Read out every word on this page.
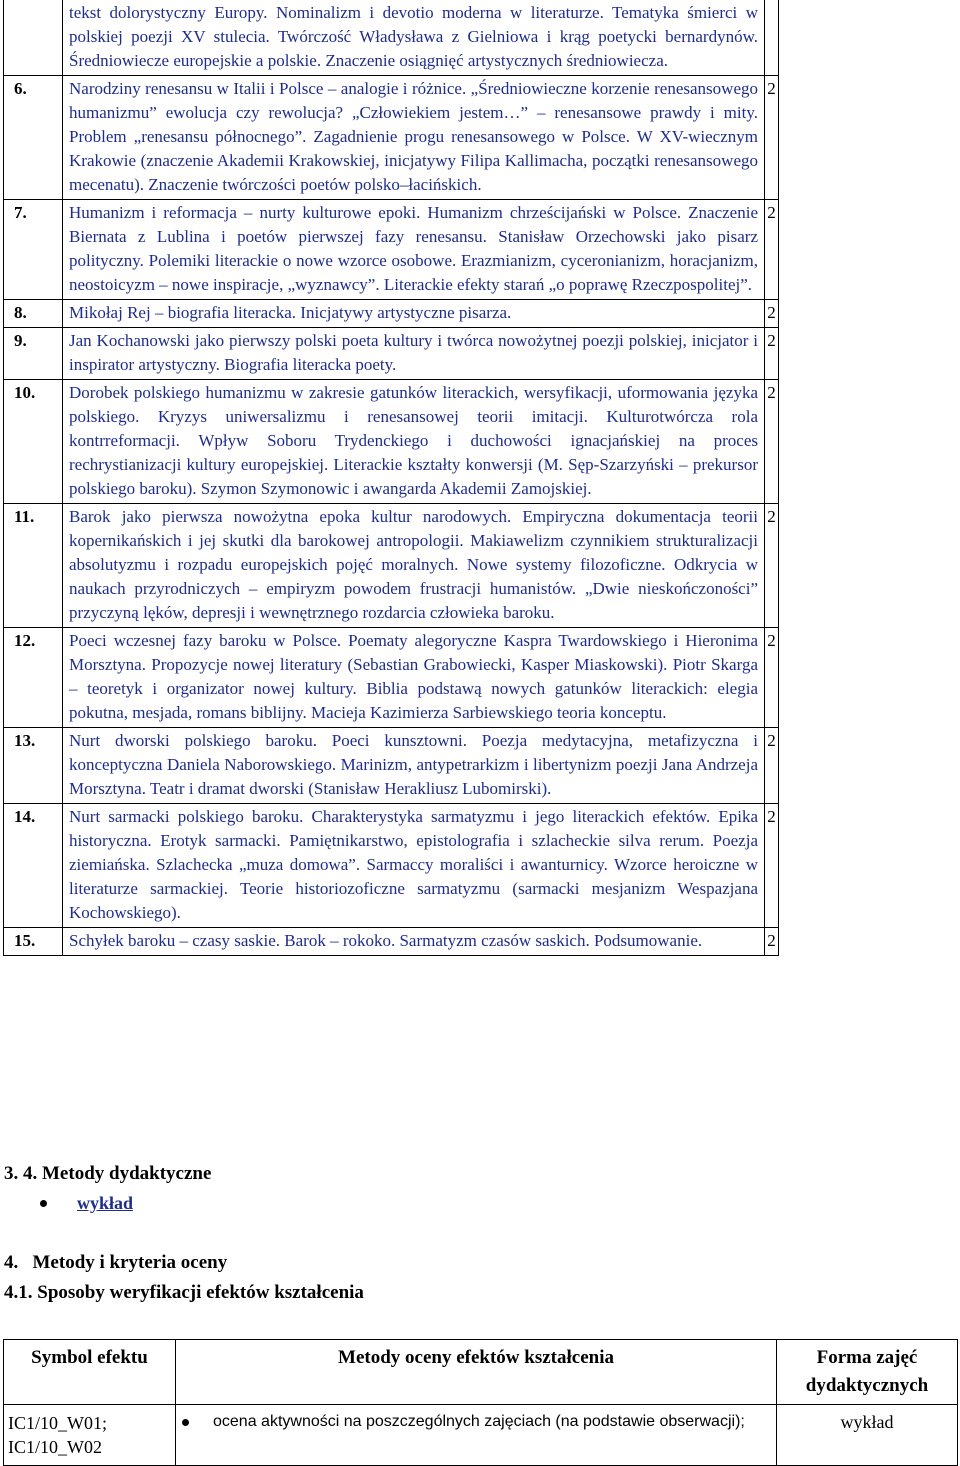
	tekst dolorystyczny Europy. Nominalizm i devotio moderna w literaturze. Tematyka śmierci w polskiej poezji XV stulecia. Twórczość Władysława z Gielniowa i krąg poetycki bernardynów. Średniowiecze europejskie a polskie. Znaczenie osiągnięć artystycznych średniowiecza.	
6.	Narodziny renesansu w Italii i Polsce – analogie i różnice. „Średniowieczne korzenie renesansowego humanizmu” ewolucja czy rewolucja? „Człowiekiem jestem…” – renesansowe prawdy i mity. Problem „renesansu północnego”. Zagadnienie progu renesansowego w Polsce. W XV-wiecznym Krakowie (znaczenie Akademii Krakowskiej, inicjatywy Filipa Kallimacha, początki renesansowego mecenatu). Znaczenie twórczości poetów polsko–łacińskich.	2
7.	Humanizm i reformacja – nurty kulturowe epoki. Humanizm chrześcijański w Polsce. Znaczenie Biernata z Lublina i poetów pierwszej fazy renesansu. Stanisław Orzechowski jako pisarz polityczny. Polemiki literackie o nowe wzorce osobowe. Erazmianizm, cyceronianizm, horacjanizm, neostoicyzm – nowe inspiracje, „wyznawcy”. Literackie efekty starań „o poprawę Rzeczpospolitej”.	2
8.	Mikołaj Rej – biografia literacka. Inicjatywy artystyczne pisarza.	2
9.	Jan Kochanowski jako pierwszy polski poeta kultury i twórca nowożytnej poezji polskiej, inicjator i inspirator artystyczny. Biografia literacka poety.	2
10.	Dorobek polskiego humanizmu w zakresie gatunków literackich, wersyfikacji, uformowania języka polskiego. Kryzys uniwersalizmu i renesansowej teorii imitacji. Kulturotwórcza rola kontrreformacji. Wpływ Soboru Trydenckiego i duchowości ignacjańskiej na proces rechrystianizacji kultury europejskiej. Literackie kształty konwersji (M. Sęp-Szarzyński – prekursor polskiego baroku). Szymon Szymonowic i awangarda Akademii Zamojskiej.	2
11.	Barok jako pierwsza nowożytna epoka kultur narodowych. Empiryczna dokumentacja teorii kopernikańskich i jej skutki dla barokowej antropologii. Makiawelizm czynnikiem strukturalizacji absolutyzmu i rozpadu europejskich pojęć moralnych. Nowe systemy filozoficzne. Odkrycia w naukach przyrodniczych – empiryzm powodem frustracji humanistów. „Dwie nieskończoności” przyczyną lęków, depresji i wewnętrznego rozdarcia człowieka baroku.	2
12.	Poeci wczesnej fazy baroku w Polsce. Poematy alegoryczne Kaspra Twardowskiego i Hieronima Morsztyna. Propozycje nowej literatury (Sebastian Grabowiecki, Kasper Miaskowski). Piotr Skarga – teoretyk i organizator nowej kultury. Biblia podstawą nowych gatunków literackich: elegia pokutna, mesjada, romans biblijny. Macieja Kazimierza Sarbiewskiego teoria konceptu.	2
13.	Nurt dworski polskiego baroku. Poeci kunsztowni. Poezja medytacyjna, metafizyczna i konceptyczna Daniela Naborowskiego. Marinizm, antypetrarkizm i libertynizm poezji Jana Andrzeja Morsztyna. Teatr i dramat dworski (Stanisław Herakliusz Lubomirski).	2
14.	Nurt sarmacki polskiego baroku. Charakterystyka sarmatyzmu i jego literackich efektów. Epika historyczna. Erotyk sarmacki. Pamiętnikarstwo, epistolografia i szlacheckie silva rerum. Poezja ziemiańska. Szlachecka „muza domowa”. Sarmaccy moraliści i awanturnicy. Wzorce heroiczne w literaturze sarmackiej. Teorie historiozoficzne sarmatyzmu (sarmacki mesjanizm Wespazjana Kochowskiego).	2
15.	Schyłek baroku – czasy saskie. Barok – rokoko. Sarmatyzm czasów saskich. Podsumowanie.	2
3. 4. Metody dydaktyczne
wykład
4.   Metody i kryteria oceny
4.1. Sposoby weryfikacji efektów kształcenia
Symbol efektu	Metody oceny efektów kształcenia	Forma zajęć dydaktycznych
IC1/10_W01; IC1/10_W02	ocena aktywności na poszczególnych zajęciach (na podstawie obserwacji);	wykład
